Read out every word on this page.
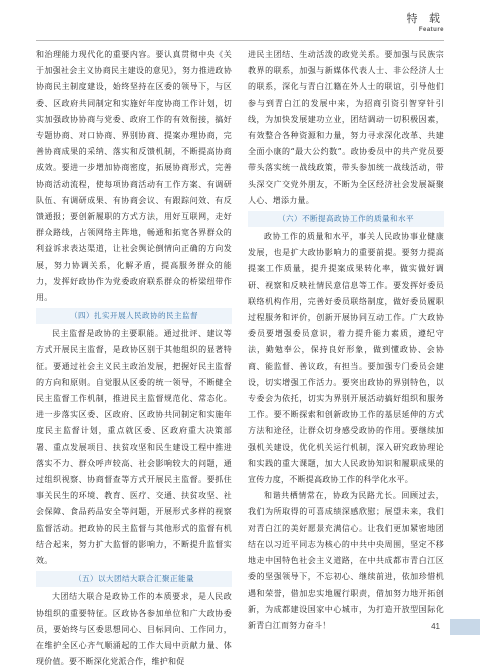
特 载
Feature

和治理能力现代化的重要内容。要认真贯彻中央《关于加强社会主义协商民主建设的意见》，努力推进政协协商民主制度建设，始终坚持在区委的领导下，与区委、区政府共同制定和实施好年度协商工作计划，切实加强政协协商与党委、政府工作的有效衔接，搞好专题协商、对口协商、界别协商、提案办理协商，完善协商成果的采纳、落实和反馈机制，不断提高协商成效。要进一步增加协商密度，拓展协商形式，完善协商活动流程，使每项协商活动有工作方案、有调研队伍、有调研成果、有协商会议、有跟踪问效、有反馈通报；要创新履职的方式方法，用好互联网，走好群众路线，占领网络主阵地，畅通和拓宽各界群众的利益诉求表达渠道，让社会舆论倒情向正确的方向发展，努力协调关系，化解矛盾，提高服务群众的能力，发挥好政协作为党委政府联系群众的桥梁纽带作用。

（四）扎实开展人民政协的民主监督

民主监督是政协的主要职能。通过批评、建议等方式开展民主监督，是政协区别于其他组织的显著特征。要通过社会主义民主政治发展，把握好民主监督的方向和原则。自觉服从区委的统一领导，不断健全民主监督工作机制，推进民主监督规范化、常态化。进一步落实区委、区政府、区政协共同制定和实施年度民主监督计划，重点就区委、区政府重大决策部署、重点发展项目、扶贫攻坚和民生建设工程中推进落实不力、群众呼声较高、社会影响较大的问题，通过组织视察、协商督查等方式开展民主监督。要抓住事关民生的环境、教育、医疗、交通、扶贫攻坚、社会保障、食品药品安全等问题，开展形式多样的视察监督活动。把政协的民主监督与其他形式的监督有机结合起来，努力扩大监督的影响力，不断提升监督实效。

（五）以大团结大联合汇聚正能量

大团结大联合是政协工作的本质要求，是人民政协组织的重要特征。区政协各参加单位和广大政协委员，要始终与区委思想同心、目标同向、工作同力，在维护全区心齐气顺涌起的工作大局中贡献力量、体现价值。要不断深化党派合作，维护和促

进民主团结、生动活泼的政党关系。要加强与民族宗教界的联系，加强与新媒体代表人士、非公经济人士的联系，深化与青白江籍在外人士的联谊，引导他们参与到青白江的发展中来，为招商引资引智穿针引线，为加快发展建功立业，团结调动一切积极因素，有效整合各种资源和力量，努力寻求深化改革、共建全面小康的“最大公约数”。政协委员中的共产党员要带头落实统一战线政策，带头参加统一战线活动，带头深交广交党外朋友，不断为全区经济社会发展凝聚人心、增添力量。

（六）不断提高政协工作的质量和水平

政协工作的质量和水平，事关人民政协事业健康发展，也是扩大政协影响力的重要前提。要努力提高提案工作质量，提升提案成果转化率，做实做好调研、视察和反映社情民意信息等工作。要发挥好委员联络机构作用，完善好委员联络制度，做好委员履职过程服务和评价，创新开展协同互动工作。广大政协委员要增强委员意识，着力提升能力素质，遵纪守法，勤勉奉公，保持良好形象，做到懂政协、会协商、能监督、善议政，有担当。要加强专门委员会建设，切实增强工作活力。要突出政协的界别特色，以专委会为依托，切实为界别开展活动搞好组织和服务工作。要不断探索和创新政协工作的基层延伸的方式方法和途径，让群众切身感受政协的作用。要继续加强机关建设，优化机关运行机制，深入研究政协理论和实践的重大课题，加大人民政协知识和履职成果的宣传力度，不断提高政协工作的科学化水平。

和谐共栖情常在，协政为民路尤长。回顾过去，我们为所取得的可喜成绩深感欣慰；展望未来，我们对青白江的美好愿景充满信心。让我们更加紧密地团结在以习近平同志为核心的中共中央周围，坚定不移地走中国特色社会主义道路，在中共成都市青白江区委的坚强领导下，不忘初心、继续前进，依加珍惜机遇和荣誉，借加忠实地履行职责，借加努力地开拓创新，为成都建设国家中心城市，为打造开放型国际化新青白江而努力奋斗！	41
